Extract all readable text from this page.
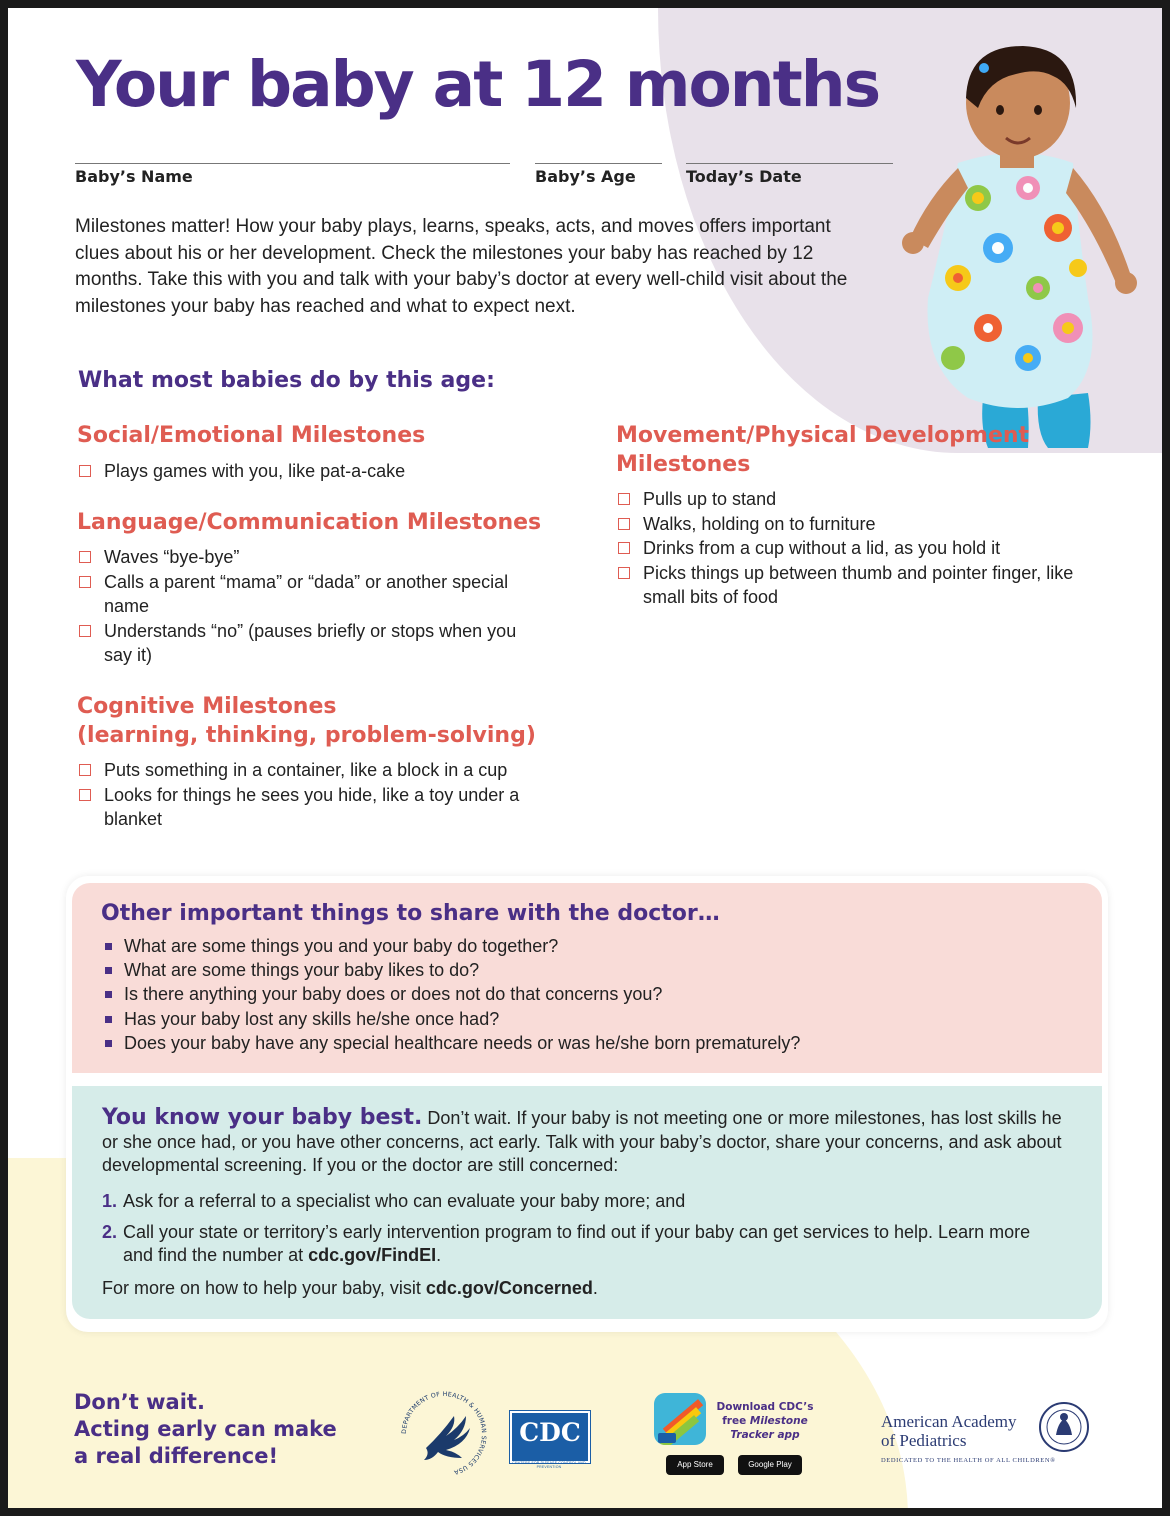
Your baby at 12 months
Baby’s Name	Baby’s Age	Today’s Date

Milestones matter! How your baby plays, learns, speaks, acts, and moves offers important clues about his or her development. Check the milestones your baby has reached by 12 months. Take this with you and talk with your baby’s doctor at every well-child visit about the milestones your baby has reached and what to expect next.

What most babies do by this age:
Social/Emotional Milestones
Plays games with you, like pat-a-cake
Language/Communication Milestones
Waves “bye-bye”
Calls a parent “mama” or “dada” or another special name
Understands “no” (pauses briefly or stops when you say it)
Cognitive Milestones
(learning, thinking, problem-solving)
Puts something in a container, like a block in a cup
Looks for things he sees you hide, like a toy under a blanket
Movement/Physical Development
Milestones
Pulls up to stand
Walks, holding on to furniture
Drinks from a cup without a lid, as you hold it
Picks things up between thumb and pointer finger, like small bits of food
Other important things to share with the doctor…
What are some things you and your baby do together?
What are some things your baby likes to do?
Is there anything your baby does or does not do that concerns you?
Has your baby lost any skills he/she once had?
Does your baby have any special healthcare needs or was he/she born prematurely?

You know your baby best. Don’t wait. If your baby is not meeting one or more milestones, has lost skills he or she once had, or you have other concerns, act early. Talk with your baby’s doctor, share your concerns, and ask about developmental screening. If you or the doctor are still concerned:

1. Ask for a referral to a specialist who can evaluate your baby more; and
2. Call your state or territory’s early intervention program to find out if your baby can get services to help. Learn more and find the number at cdc.gov/FindEI.

For more on how to help your baby, visit cdc.gov/Concerned.

Don’t wait.
Acting early can make
a real difference!

DEPARTMENT OF HEALTH & HUMAN SERVICES USA
CDC
CENTERS FOR DISEASE CONTROL AND PREVENTION
Download CDC’s
free Milestone
Tracker app
App Store	Google Play

American Academy
of Pediatrics

DEDICATED TO THE HEALTH OF ALL CHILDREN®
